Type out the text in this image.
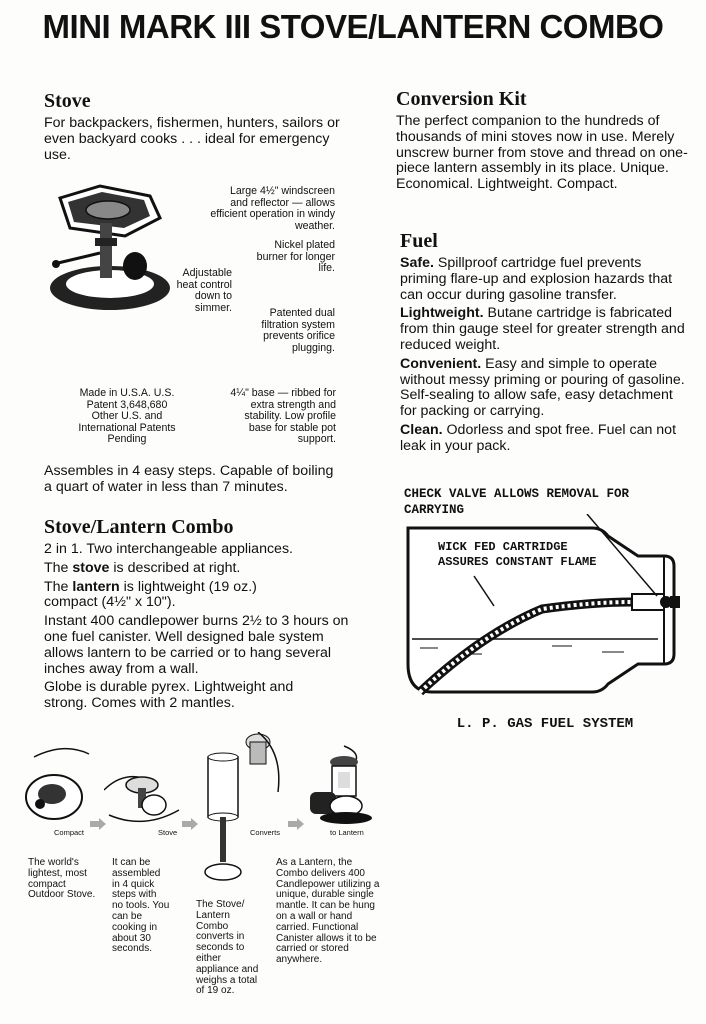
MINI MARK III STOVE/LANTERN COMBO
Stove

For backpackers, fishermen, hunters, sailors or even backyard cooks . . . ideal for emergency use.

Large 4½" windscreen and reflector — allows efficient operation in windy weather.
Nickel plated burner for longer life.
Adjustable heat control down to simmer.	Patented dual filtration system prevents orifice plugging.
Made in U.S.A. U.S. Patent 3,648,680 Other U.S. and International Patents Pending
4¼" base — ribbed for extra strength and stability. Low profile base for stable pot support.

Assembles in 4 easy steps. Capable of boiling a quart of water in less than 7 minutes.

Stove/Lantern Combo

2 in 1. Two interchangeable appliances.

The stove is described at right.

The lantern is lightweight (19 oz.) compact (4½" x 10").

Instant 400 candlepower burns 2½ to 3 hours on one fuel canister. Well designed bale system allows lantern to be carried or to hang several inches away from a wall.

Globe is durable pyrex. Lightweight and strong. Comes with 2 mantles.

Conversion Kit

The perfect companion to the hundreds of thousands of mini stoves now in use. Merely unscrew burner from stove and thread on one-piece lantern assembly in its place. Unique. Economical. Lightweight. Compact.

Fuel

Safe. Spillproof cartridge fuel prevents priming flare-up and explosion hazards that can occur during gasoline transfer.

Lightweight. Butane cartridge is fabricated from thin gauge steel for greater strength and reduced weight.

Convenient. Easy and simple to operate without messy priming or pouring of gasoline. Self-sealing to allow safe, easy detachment for packing or carrying.

Clean. Odorless and spot free. Fuel can not leak in your pack.

CHECK VALVE ALLOWS REMOVAL FOR CARRYING
WICK FED CARTRIDGE ASSURES CONSTANT FLAME
L. P. GAS FUEL SYSTEM
Compact	Stove	Converts	to Lantern
The world's lightest, most compact Outdoor Stove.
It can be assembled in 4 quick steps with no tools. You can be cooking in about 30 seconds.
The Stove/ Lantern Combo converts in seconds to either appliance and weighs a total of 19 oz.
As a Lantern, the Combo delivers 400 Candlepower utilizing a unique, durable single mantle. It can be hung on a wall or hand carried. Functional Canister allows it to be carried or stored anywhere.
